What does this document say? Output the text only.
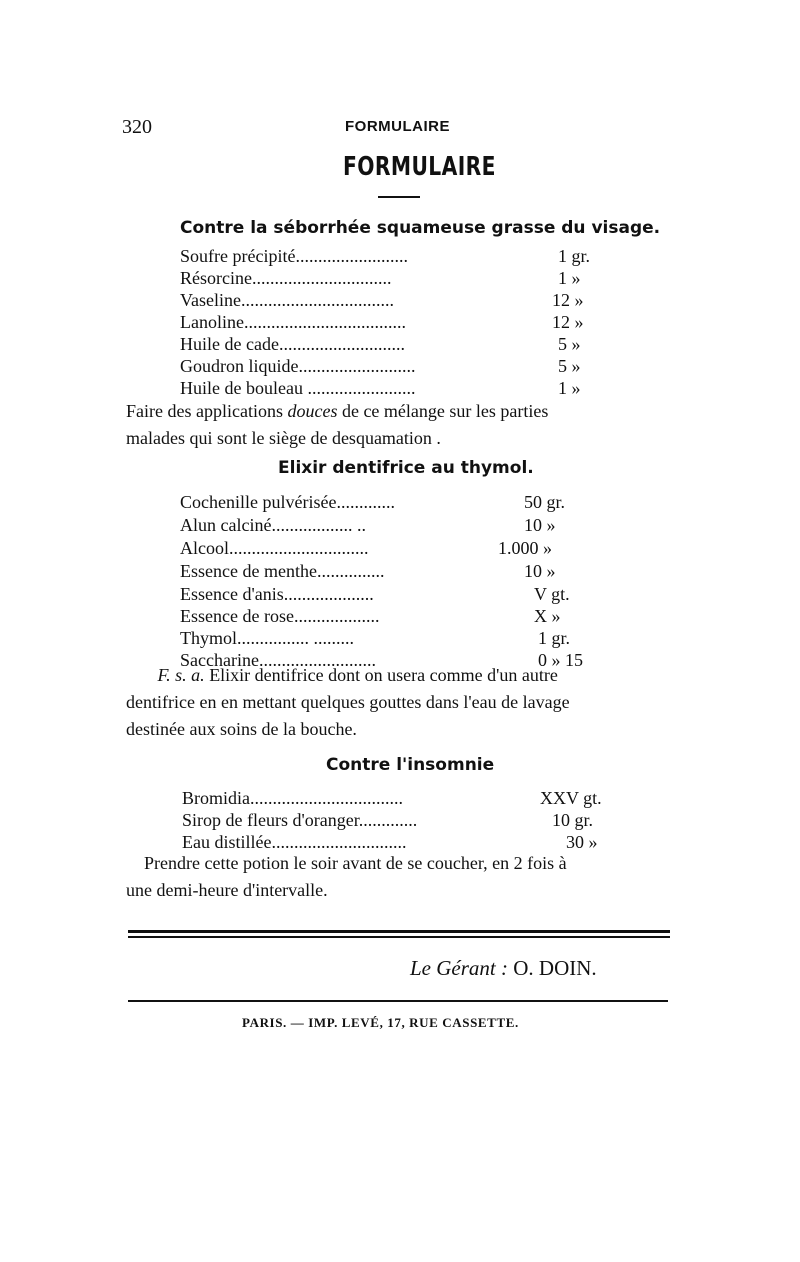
320	FORMULAIRE
FORMULAIRE
Contre la séborrhée squameuse grasse du visage.
Soufre précipité.........................	1 gr.
Résorcine...............................	1 »
Vaseline..................................	12 »
Lanoline....................................	12 »
Huile de cade............................	5 »
Goudron liquide..........................	5 »
Huile de bouleau ........................	1 »
Faire des applications douces de ce mélange sur les parties
malades qui sont le siège de desquamation .
Elixir dentifrice au thymol.
Cochenille pulvérisée.............	50 gr.
Alun calciné.................. ..	10 »
Alcool...............................	1.000 »
Essence de menthe...............	10 »
Essence d'anis....................	V gt.
Essence de rose...................	X »
Thymol................ .........	1 gr.
Saccharine..........................	0 » 15
F. s. a. Elixir dentifrice dont on usera comme d'un autre
dentifrice en en mettant quelques gouttes dans l'eau de lavage
destinée aux soins de la bouche.
Contre l'insomnie
Bromidia..................................	XXV gt.
Sirop de fleurs d'oranger.............	10 gr.
Eau distillée..............................	30 »
Prendre cette potion le soir avant de se coucher, en 2 fois à
une demi-heure d'intervalle.
Le Gérant : O. DOIN.
PARIS. — IMP. LEVÉ, 17, RUE CASSETTE.
